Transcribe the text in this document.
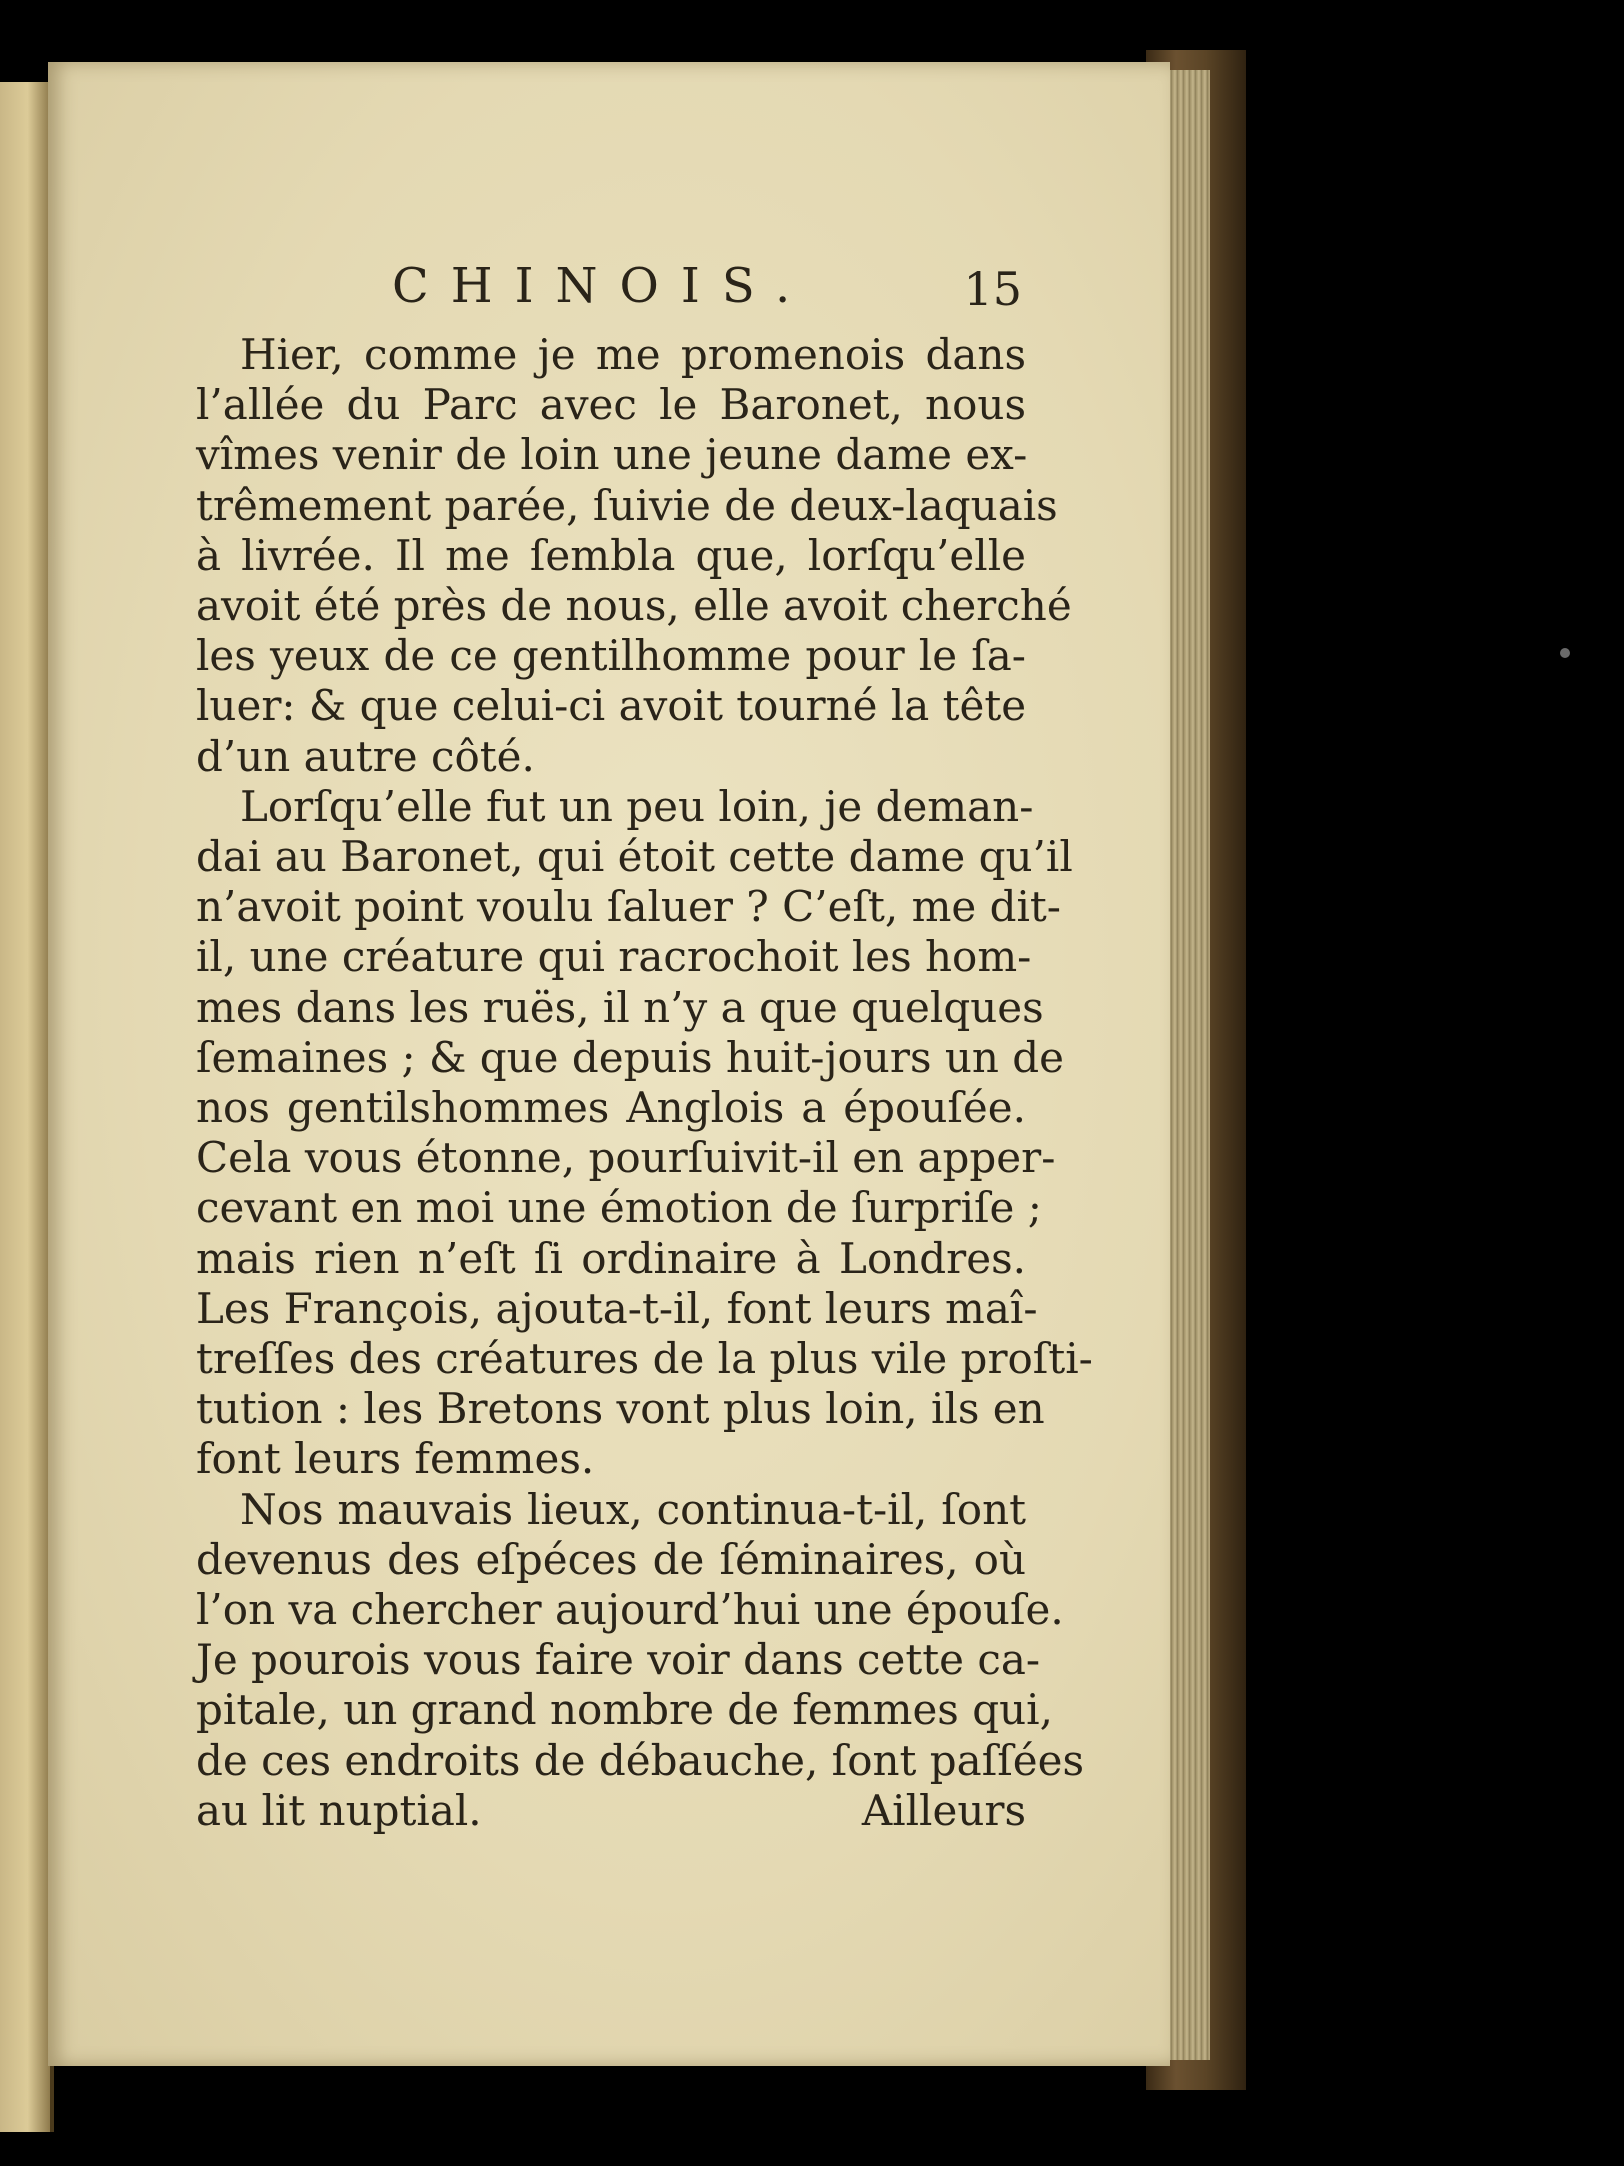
CHINOIS.	15

Hier, comme je me promenois dans
l’allée du Parc avec le Baronet, nous
vîmes venir de loin une jeune dame ex-
trêmement parée, ſuivie de deux-laquais
à livrée. Il me ſembla que, lorſqu’elle
avoit été près de nous, elle avoit cherché
les yeux de ce gentilhomme pour le ſa-
luer: & que celui-ci avoit tourné la tête
d’un autre côté.

Lorſqu’elle fut un peu loin, je deman-
dai au Baronet, qui étoit cette dame qu’il
n’avoit point voulu ſaluer ? C’eſt, me dit-
il, une créature qui racrochoit les hom-
mes dans les ruës, il n’y a que quelques
ſemaines ; & que depuis huit-jours un de
nos gentilshommes Anglois a épouſée.
Cela vous étonne, pourſuivit-il en apper-
cevant en moi une émotion de ſurpriſe ;
mais rien n’eſt ſi ordinaire à Londres.
Les François, ajouta-t-il, font leurs maî-
treſſes des créatures de la plus vile proſti-
tution : les Bretons vont plus loin, ils en
font leurs femmes.

Nos mauvais lieux, continua-t-il, ſont
devenus des eſpéces de ſéminaires, où
l’on va chercher aujourd’hui une épouſe.
Je pourois vous faire voir dans cette ca-
pitale, un grand nombre de femmes qui,
de ces endroits de débauche, ſont paſſées
au lit nuptial.	Ailleurs
